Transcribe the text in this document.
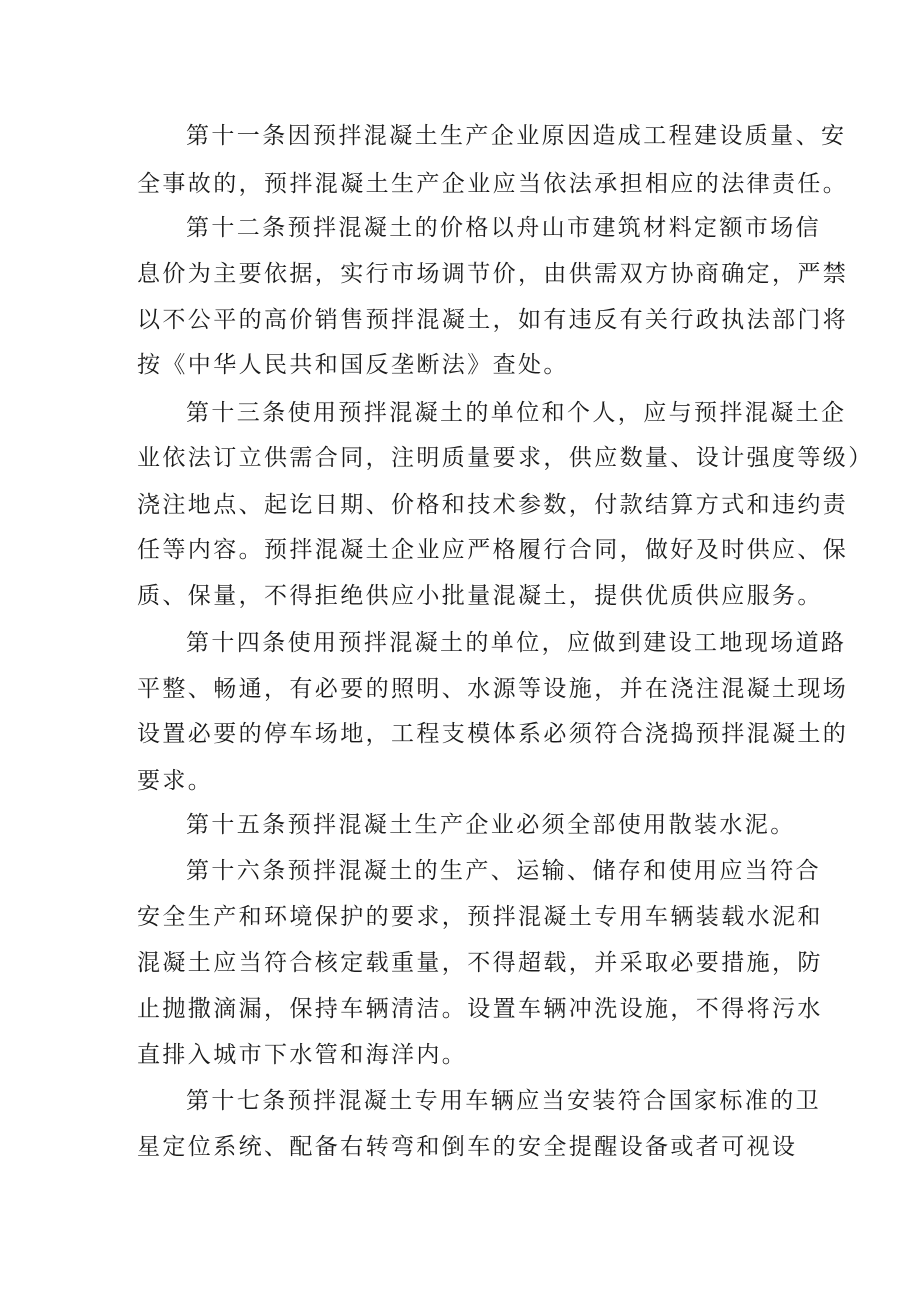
第十一条因预拌混凝土生产企业原因造成工程建设质量、安
全事故的，预拌混凝土生产企业应当依法承担相应的法律责任。
第十二条预拌混凝土的价格以舟山市建筑材料定额市场信
息价为主要依据，实行市场调节价，由供需双方协商确定，严禁
以不公平的高价销售预拌混凝土，如有违反有关行政执法部门将
按《中华人民共和国反垄断法》查处。
第十三条使用预拌混凝土的单位和个人，应与预拌混凝土企
业依法订立供需合同，注明质量要求，供应数量、设计强度等级）
浇注地点、起讫日期、价格和技术参数，付款结算方式和违约责
任等内容。预拌混凝土企业应严格履行合同，做好及时供应、保
质、保量，不得拒绝供应小批量混凝土，提供优质供应服务。
第十四条使用预拌混凝土的单位，应做到建设工地现场道路
平整、畅通，有必要的照明、水源等设施，并在浇注混凝土现场
设置必要的停车场地，工程支模体系必须符合浇捣预拌混凝土的
要求。
第十五条预拌混凝土生产企业必须全部使用散装水泥。
第十六条预拌混凝土的生产、运输、储存和使用应当符合
安全生产和环境保护的要求，预拌混凝土专用车辆装载水泥和
混凝土应当符合核定载重量，不得超载，并采取必要措施，防
止抛撒滴漏，保持车辆清洁。设置车辆冲洗设施，不得将污水
直排入城市下水管和海洋内。
第十七条预拌混凝土专用车辆应当安装符合国家标准的卫
星定位系统、配备右转弯和倒车的安全提醒设备或者可视设
